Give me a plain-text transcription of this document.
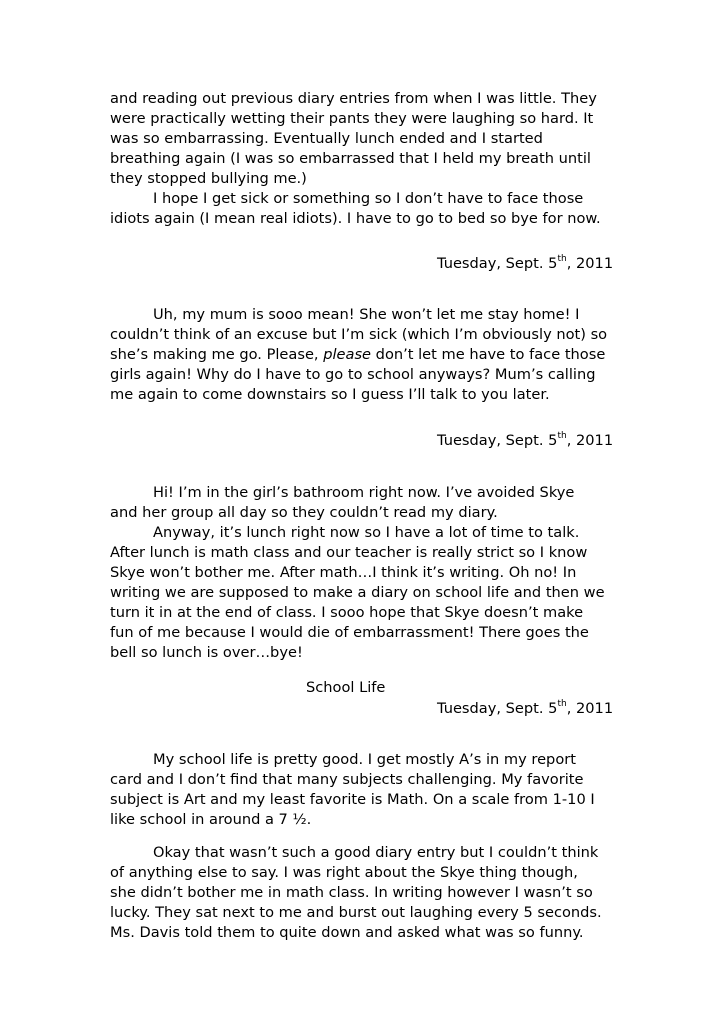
and reading out previous diary entries from when I was little. They
were practically wetting their pants they were laughing so hard. It
was so embarrassing. Eventually lunch ended and I started
breathing again (I was so embarrassed that I held my breath until
they stopped bullying me.)
I hope I get sick or something so I don’t have to face those
idiots again (I mean real idiots). I have to go to bed so bye for now.
Tuesday, Sept. 5th, 2011
Uh, my mum is sooo mean! She won’t let me stay home! I
couldn’t think of an excuse but I’m sick (which I’m obviously not) so
she’s making me go. Please, please don’t let me have to face those
girls again! Why do I have to go to school anyways? Mum’s calling
me again to come downstairs so I guess I’ll talk to you later.
Tuesday, Sept. 5th, 2011
Hi! I’m in the girl’s bathroom right now. I’ve avoided Skye
and her group all day so they couldn’t read my diary.
Anyway, it’s lunch right now so I have a lot of time to talk.
After lunch is math class and our teacher is really strict so I know
Skye won’t bother me. After math…I think it’s writing. Oh no! In
writing we are supposed to make a diary on school life and then we
turn it in at the end of class. I sooo hope that Skye doesn’t make
fun of me because I would die of embarrassment! There goes the
bell so lunch is over…bye!
School Life
Tuesday, Sept. 5th, 2011
My school life is pretty good. I get mostly A’s in my report
card and I don’t find that many subjects challenging. My favorite
subject is Art and my least favorite is Math. On a scale from 1-10 I
like school in around a 7 ½.
Okay that wasn’t such a good diary entry but I couldn’t think
of anything else to say. I was right about the Skye thing though,
she didn’t bother me in math class. In writing however I wasn’t so
lucky. They sat next to me and burst out laughing every 5 seconds.
Ms. Davis told them to quite down and asked what was so funny.
